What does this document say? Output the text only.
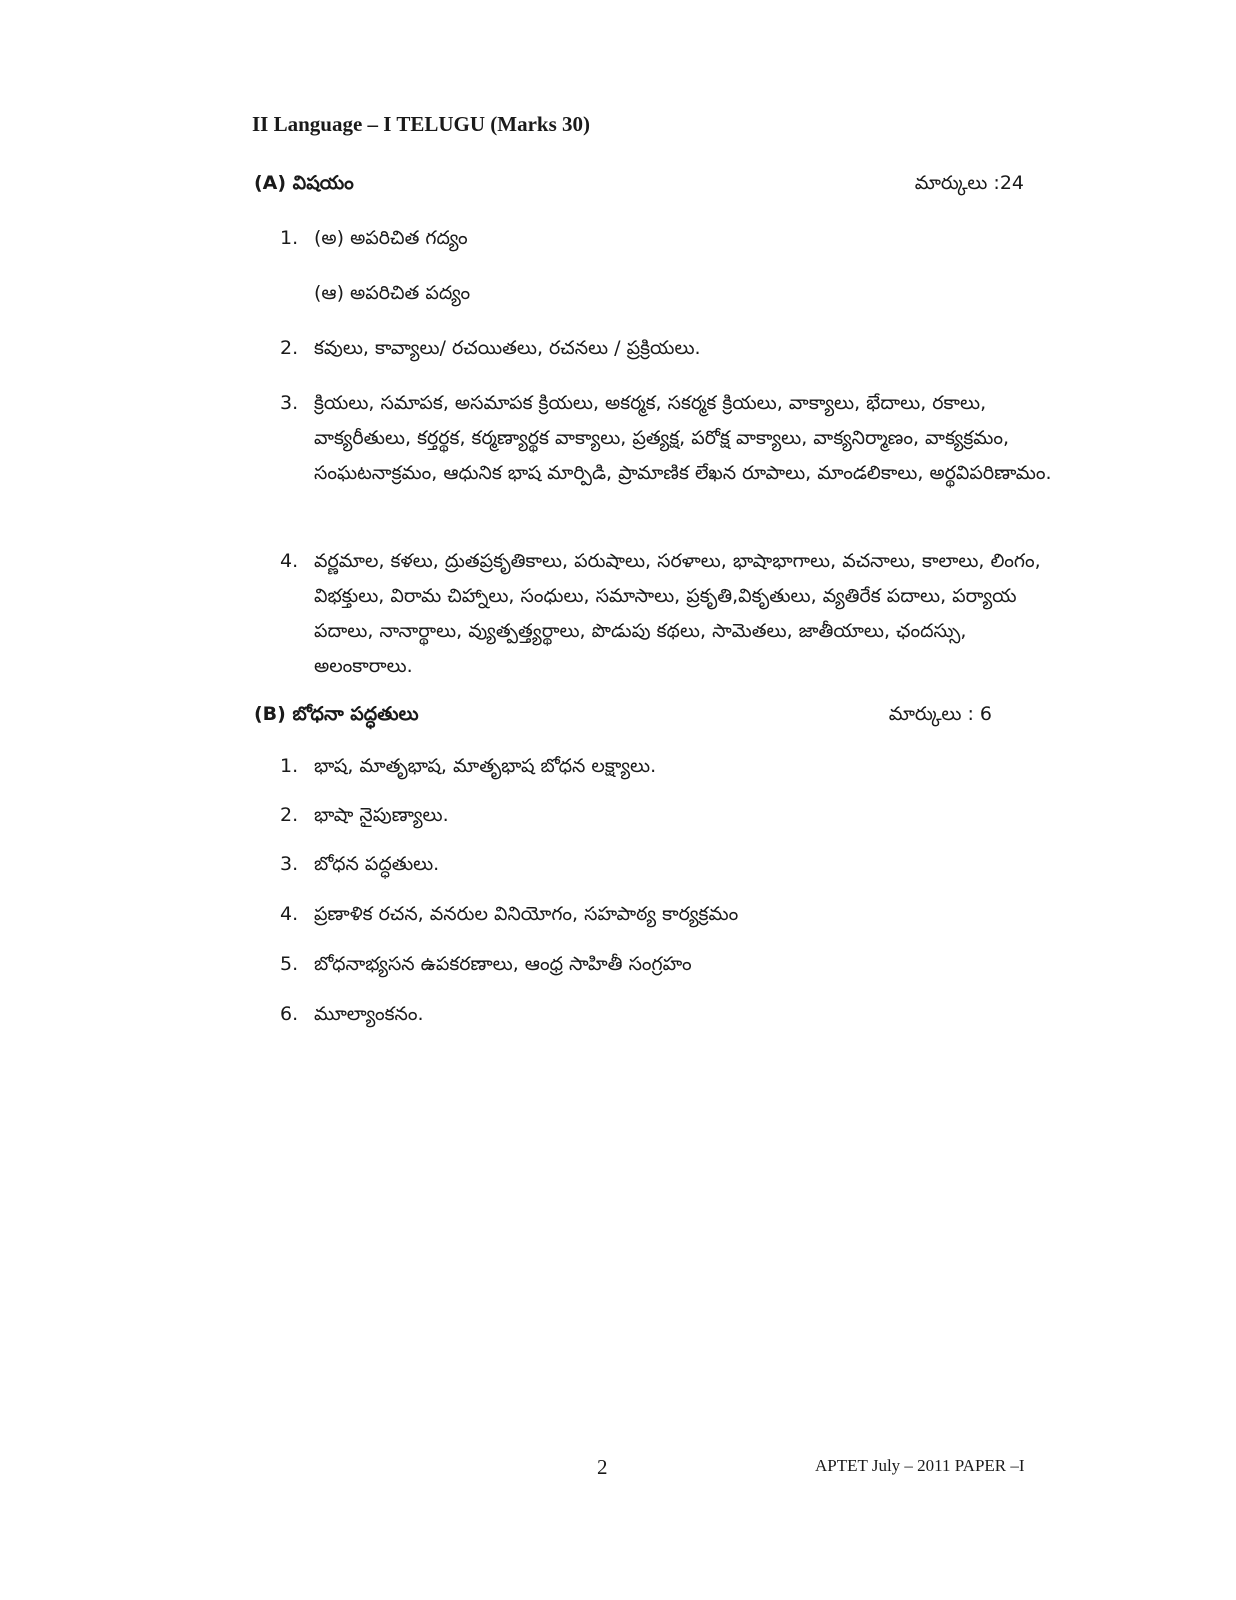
II Language – I TELUGU (Marks 30)
(A) విషయం	మార్కులు :24
1. (అ) అపరిచిత గద్యం
(ఆ) అపరిచిత పద్యం
2. కవులు, కావ్యాలు/ రచయితలు, రచనలు / ప్రక్రియలు.
3. క్రియలు, సమాపక, అసమాపక క్రియలు, అకర్మక, సకర్మక క్రియలు, వాక్యాలు, భేదాలు, రకాలు, వాక్యరీతులు, కర్తర్థక, కర్మణ్యార్థక వాక్యాలు, ప్రత్యక్ష, పరోక్ష వాక్యాలు, వాక్యనిర్మాణం, వాక్యక్రమం, సంఘటనాక్రమం, ఆధునిక భాష మార్పిడి, ప్రామాణిక లేఖన రూపాలు, మాండలికాలు, అర్థవిపరిణామం.
4. వర్ణమాల, కళలు, ద్రుతప్రకృతికాలు, పరుషాలు, సరళాలు, భాషాభాగాలు, వచనాలు, కాలాలు, లింగం, విభక్తులు, విరామ చిహ్నాలు, సంధులు, సమాసాలు, ప్రకృతి,వికృతులు, వ్యతిరేక పదాలు, పర్యాయ పదాలు, నానార్థాలు, వ్యుత్పత్త్యర్థాలు, పొడుపు కథలు, సామెతలు, జాతీయాలు, ఛందస్సు, అలంకారాలు.
(B) బోధనా పద్ధతులు	మార్కులు : 6
1. భాష, మాతృభాష, మాతృభాష బోధన లక్ష్యాలు.
2. భాషా నైపుణ్యాలు.
3. బోధన పద్ధతులు.
4. ప్రణాళిక రచన, వనరుల వినియోగం, సహపాఠ్య కార్యక్రమం
5. బోధనాభ్యసన ఉపకరణాలు, ఆంధ్ర సాహితీ సంగ్రహం
6. మూల్యాంకనం.
2	APTET July – 2011 PAPER –I
